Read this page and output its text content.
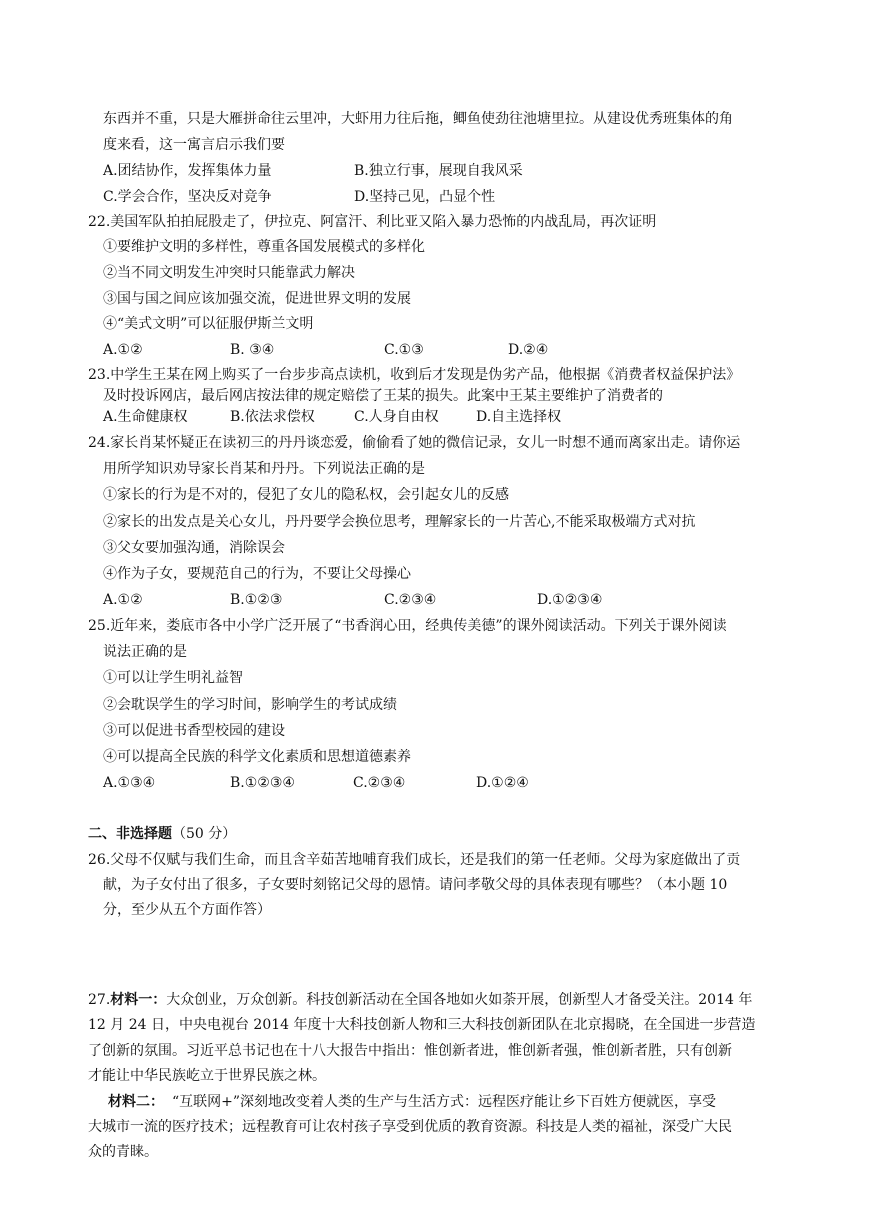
东西并不重，只是大雁拼命往云里冲，大虾用力往后拖，鲫鱼使劲往池塘里拉。从建设优秀班集体的角
度来看，这一寓言启示我们要
A.团结协作，发挥集体力量	B.独立行事，展现自我风采
C.学会合作，坚决反对竞争	D.坚持己见，凸显个性
22.美国军队拍拍屁股走了，伊拉克、阿富汗、利比亚又陷入暴力恐怖的内战乱局，再次证明
①要维护文明的多样性，尊重各国发展模式的多样化
②当不同文明发生冲突时只能靠武力解决
③国与国之间应该加强交流，促进世界文明的发展
④“美式文明”可以征服伊斯兰文明
A.①②	B. ③④	C.①③	D.②④
23.中学生王某在网上购买了一台步步高点读机，收到后才发现是伪劣产品，他根据《消费者权益保护法》
及时投诉网店，最后网店按法律的规定赔偿了王某的损失。此案中王某主要维护了消费者的
A.生命健康权	B.依法求偿权	C.人身自由权	D.自主选择权
24.家长肖某怀疑正在读初三的丹丹谈恋爱，偷偷看了她的微信记录，女儿一时想不通而离家出走。请你运
用所学知识劝导家长肖某和丹丹。下列说法正确的是
①家长的行为是不对的，侵犯了女儿的隐私权，会引起女儿的反感
②家长的出发点是关心女儿，丹丹要学会换位思考，理解家长的一片苦心,不能采取极端方式对抗
③父女要加强沟通，消除误会
④作为子女，要规范自己的行为，不要让父母操心
A.①②	B.①②③	C.②③④	D.①②③④
25.近年来，娄底市各中小学广泛开展了“书香润心田，经典传美德”的课外阅读活动。下列关于课外阅读
说法正确的是
①可以让学生明礼益智
②会耽误学生的学习时间，影响学生的考试成绩
③可以促进书香型校园的建设
④可以提高全民族的科学文化素质和思想道德素养
A.①③④	B.①②③④	C.②③④	D.①②④
二、非选择题（50 分）
26.父母不仅赋与我们生命，而且含辛茹苦地哺育我们成长，还是我们的第一任老师。父母为家庭做出了贡
献，为子女付出了很多，子女要时刻铭记父母的恩情。请问孝敬父母的具体表现有哪些？（本小题 10
分，至少从五个方面作答）
27.材料一：大众创业，万众创新。科技创新活动在全国各地如火如荼开展，创新型人才备受关注。2014 年
12 月 24 日，中央电视台 2014 年度十大科技创新人物和三大科技创新团队在北京揭晓，在全国进一步营造
了创新的氛围。习近平总书记也在十八大报告中指出：惟创新者进，惟创新者强，惟创新者胜，只有创新
才能让中华民族屹立于世界民族之林。
材料二： “互联网+”深刻地改变着人类的生产与生活方式：远程医疗能让乡下百姓方便就医，享受
大城市一流的医疗技术；远程教育可让农村孩子享受到优质的教育资源。科技是人类的福祉，深受广大民
众的青睐。
